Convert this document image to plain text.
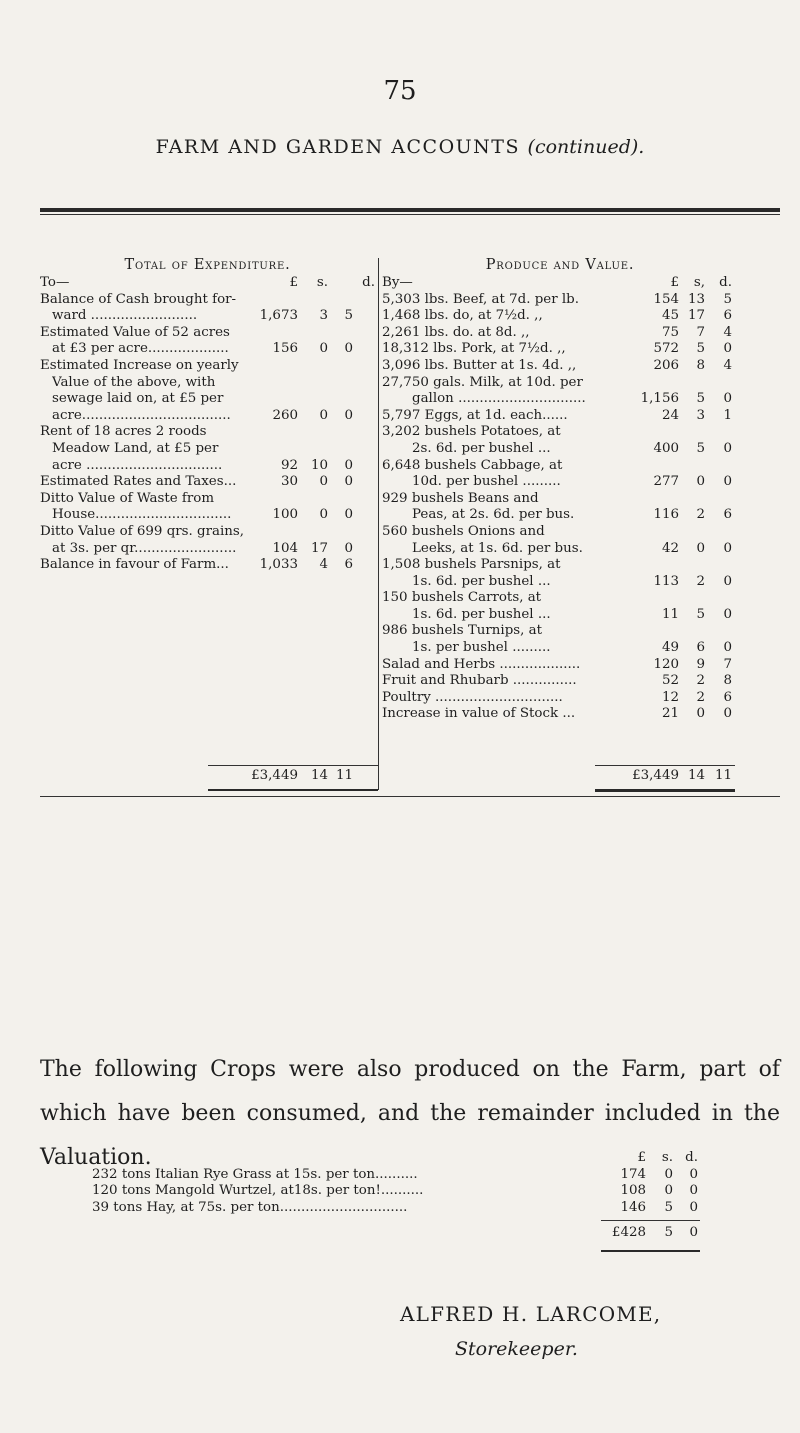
75
FARM AND GARDEN ACCOUNTS (continued).
Total of Expenditure.
To—	£	s.	d.
Balance of Cash brought for-
ward .........................	1,673	3	5
Estimated Value of 52 acres
at £3 per acre...................	156	0	0
Estimated Increase on yearly
Value of the above, with
sewage laid on, at £5 per
acre...................................	260	0	0
Rent of 18 acres 2 roods
Meadow Land, at £5 per
acre ................................	92 10	0
Estimated Rates and Taxes...	30	0	0
Ditto Value of Waste from
House................................	100	0	0
Ditto Value of 699 qrs. grains,
at 3s. per qr........................	104 17	0
Balance in favour of Farm...	1,033	4	6
Produce and Value.
By—	£	s,	d.
5,303 lbs. Beef, at 7d. per lb.	154 13	5
1,468 lbs. do, at 7½d. ,,	45 17	6
2,261 lbs. do. at 8d. ,,	75	7	4
18,312 lbs. Pork, at 7½d. ,,	572	5	0
3,096 lbs. Butter at 1s. 4d. ,,	206	8	4
27,750 gals. Milk, at 10d. per
gallon ..............................	1,156	5	0
5,797 Eggs, at 1d. each......	24	3	1
3,202 bushels Potatoes, at
2s. 6d. per bushel ...	400	5	0
6,648 bushels Cabbage, at
10d. per bushel .........	277	0	0
929 bushels Beans and
Peas, at 2s. 6d. per bus.	116	2	6
560 bushels Onions and
Leeks, at 1s. 6d. per bus.	42	0	0
1,508 bushels Parsnips, at
1s. 6d. per bushel ...	113	2	0
150 bushels Carrots, at
1s. 6d. per bushel ...	11	5	0
986 bushels Turnips, at
1s. per bushel .........	49	6	0
Salad and Herbs ...................	120	9	7
Fruit and Rhubarb ...............	52	2	8
Poultry ..............................	12	2	6
Increase in value of Stock ...	21	0	0
£3,449 14 11	£3,449 14 11
The following Crops were also produced on the Farm, part of which have been consumed, and the remainder included in the Valuation.	£	s. d.
232 tons Italian Rye Grass at 15s. per ton..........	174	0	0
120 tons Mangold Wurtzel, at18s. per ton!..........	108	0	0
39 tons Hay, at 75s. per ton..............................	146	5	0
£428	5	0
ALFRED H. LARCOME,
Storekeeper.
